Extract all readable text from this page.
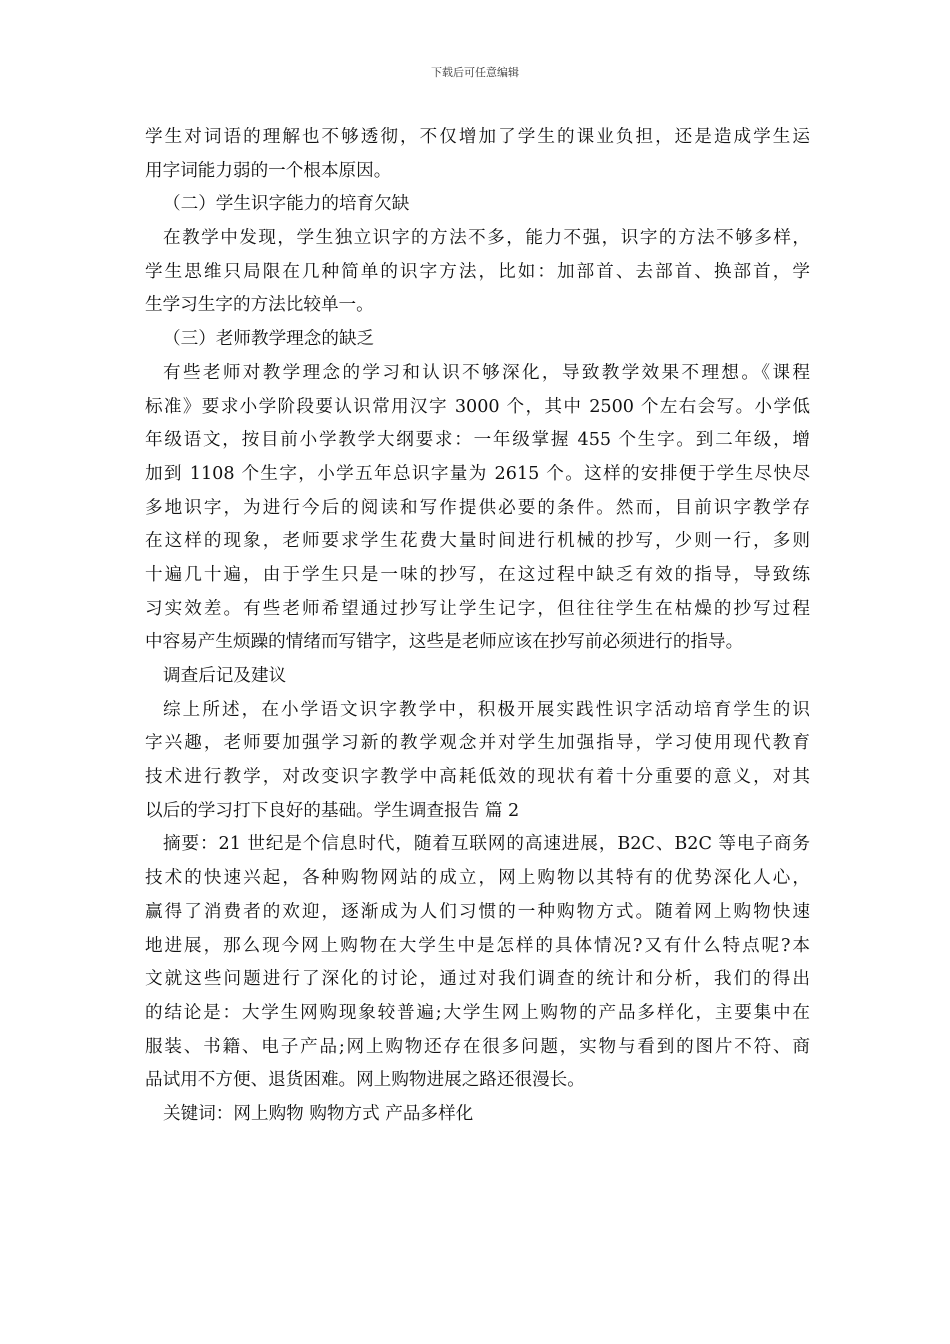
下载后可任意编辑
学生对词语的理解也不够透彻，不仅增加了学生的课业负担，还是造成学生运
用字词能力弱的一个根本原因。
（二）学生识字能力的培育欠缺
在教学中发现，学生独立识字的方法不多，能力不强，识字的方法不够多样，
学生思维只局限在几种简单的识字方法，比如：加部首、去部首、换部首，学
生学习生字的方法比较单一。
（三）老师教学理念的缺乏
有些老师对教学理念的学习和认识不够深化，导致教学效果不理想。《课程
标准》要求小学阶段要认识常用汉字 3000 个，其中 2500 个左右会写。小学低
年级语文，按目前小学教学大纲要求：一年级掌握 455 个生字。到二年级，增
加到 1108 个生字，小学五年总识字量为 2615 个。这样的安排便于学生尽快尽
多地识字，为进行今后的阅读和写作提供必要的条件。然而，目前识字教学存
在这样的现象，老师要求学生花费大量时间进行机械的抄写，少则一行，多则
十遍几十遍，由于学生只是一味的抄写，在这过程中缺乏有效的指导，导致练
习实效差。有些老师希望通过抄写让学生记字，但往往学生在枯燥的抄写过程
中容易产生烦躁的情绪而写错字，这些是老师应该在抄写前必须进行的指导。
调查后记及建议
综上所述，在小学语文识字教学中，积极开展实践性识字活动培育学生的识
字兴趣，老师要加强学习新的教学观念并对学生加强指导，学习使用现代教育
技术进行教学，对改变识字教学中高耗低效的现状有着十分重要的意义，对其
以后的学习打下良好的基础。学生调查报告 篇 2
摘要：21 世纪是个信息时代，随着互联网的高速进展，B2C、B2C 等电子商务
技术的快速兴起，各种购物网站的成立，网上购物以其特有的优势深化人心，
赢得了消费者的欢迎，逐渐成为人们习惯的一种购物方式。随着网上购物快速
地进展，那么现今网上购物在大学生中是怎样的具体情况?又有什么特点呢?本
文就这些问题进行了深化的讨论，通过对我们调查的统计和分析，我们的得出
的结论是：大学生网购现象较普遍;大学生网上购物的产品多样化，主要集中在
服装、书籍、电子产品;网上购物还存在很多问题，实物与看到的图片不符、商
品试用不方便、退货困难。网上购物进展之路还很漫长。
关键词：网上购物 购物方式 产品多样化
